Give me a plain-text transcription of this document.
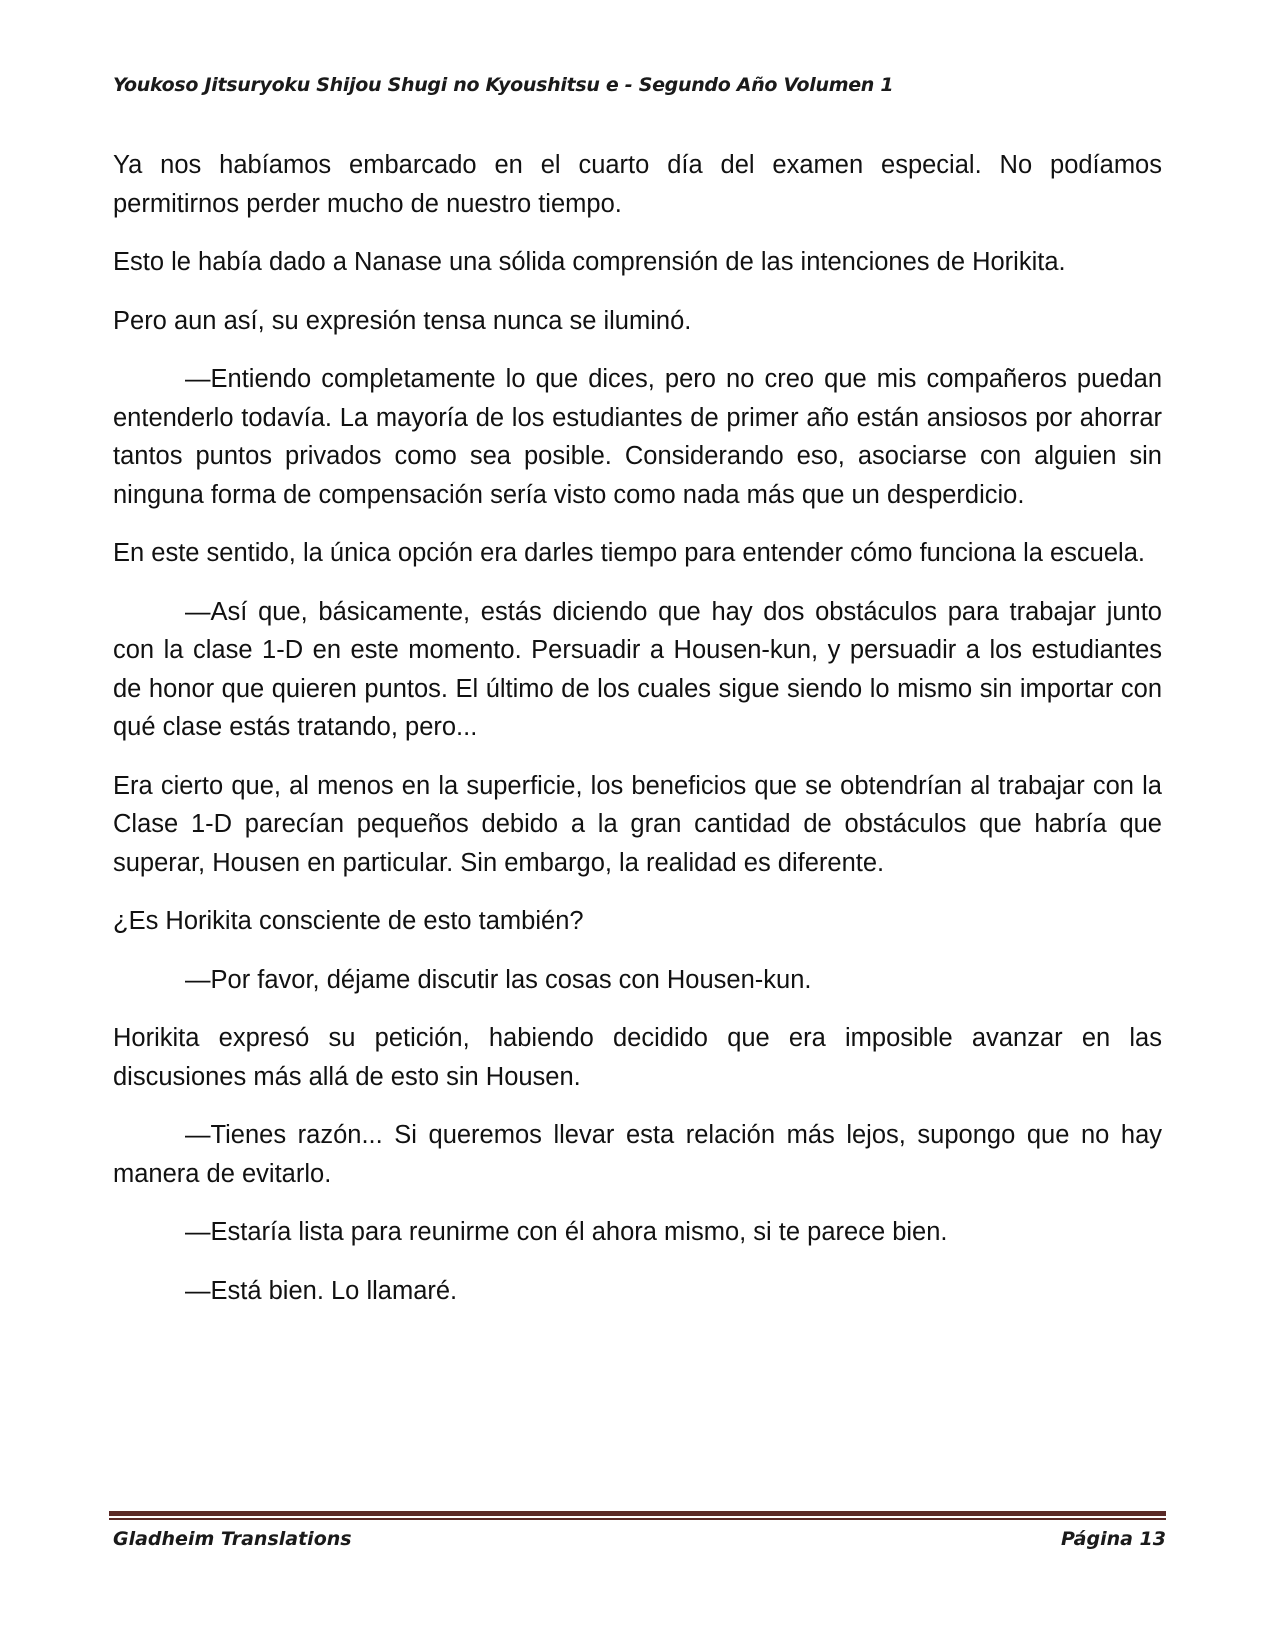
Youkoso Jitsuryoku Shijou Shugi no Kyoushitsu e - Segundo Año Volumen 1

Ya nos habíamos embarcado en el cuarto día del examen especial. No podíamos permitirnos perder mucho de nuestro tiempo.

Esto le había dado a Nanase una sólida comprensión de las intenciones de Horikita.

Pero aun así, su expresión tensa nunca se iluminó.

—Entiendo completamente lo que dices, pero no creo que mis compañeros puedan entenderlo todavía. La mayoría de los estudiantes de primer año están ansiosos por ahorrar tantos puntos privados como sea posible. Considerando eso, asociarse con alguien sin ninguna forma de compensación sería visto como nada más que un desperdicio.

En este sentido, la única opción era darles tiempo para entender cómo funciona la escuela.

—Así que, básicamente, estás diciendo que hay dos obstáculos para trabajar junto con la clase 1-D en este momento. Persuadir a Housen-kun, y persuadir a los estudiantes de honor que quieren puntos. El último de los cuales sigue siendo lo mismo sin importar con qué clase estás tratando, pero...

Era cierto que, al menos en la superficie, los beneficios que se obtendrían al trabajar con la Clase 1-D parecían pequeños debido a la gran cantidad de obstáculos que habría que superar, Housen en particular. Sin embargo, la realidad es diferente.

¿Es Horikita consciente de esto también?

—Por favor, déjame discutir las cosas con Housen-kun.

Horikita expresó su petición, habiendo decidido que era imposible avanzar en las discusiones más allá de esto sin Housen.

—Tienes razón... Si queremos llevar esta relación más lejos, supongo que no hay manera de evitarlo.

—Estaría lista para reunirme con él ahora mismo, si te parece bien.

—Está bien. Lo llamaré.

Gladheim Translations	Página 13
